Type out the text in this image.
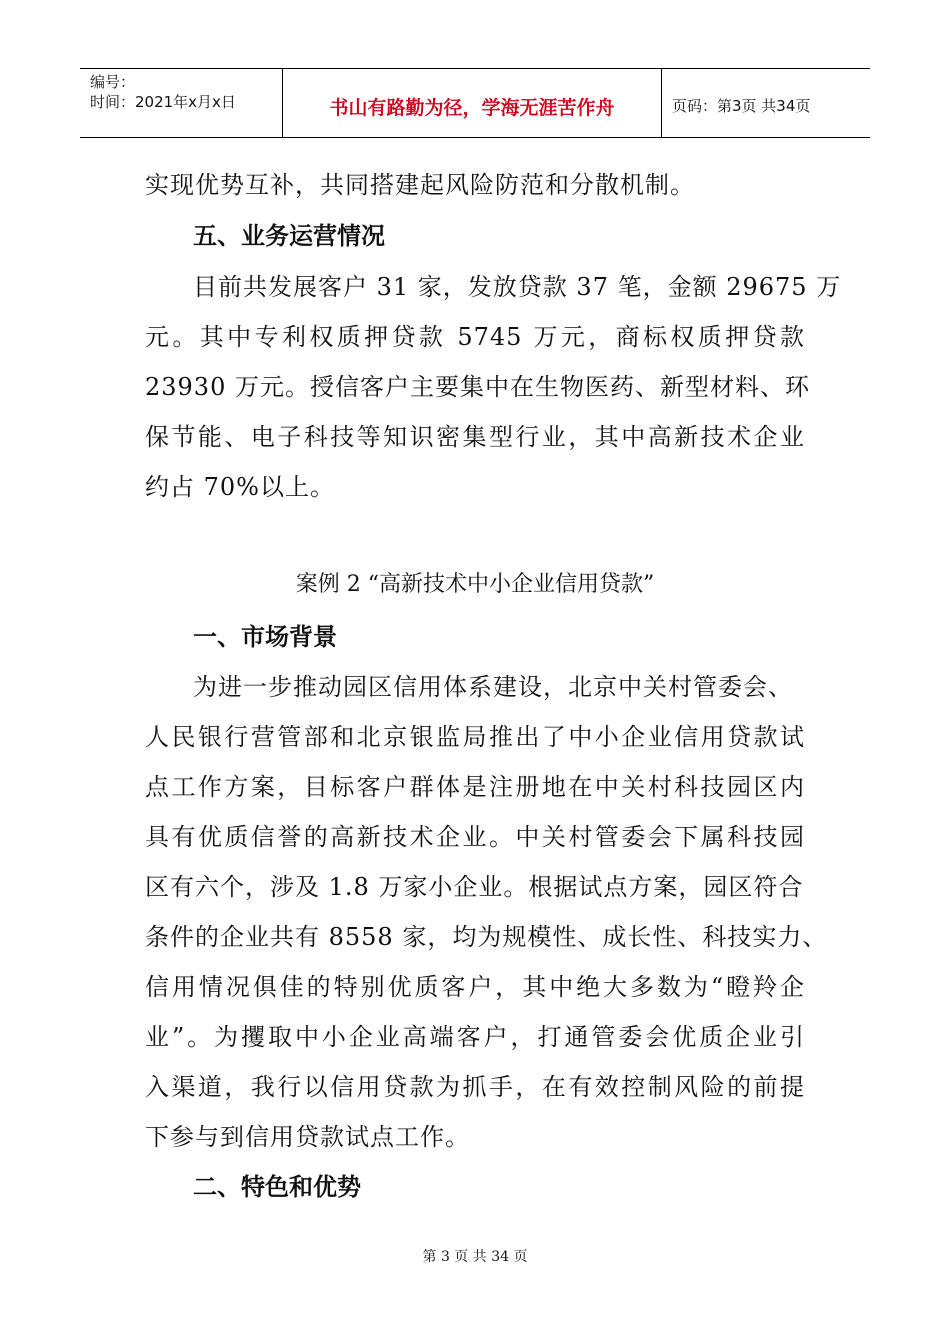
编号：
时间：2021年x月x日	书山有路勤为径，学海无涯苦作舟	页码：第3页 共34页
实现优势互补，共同搭建起风险防范和分散机制。
五、业务运营情况
目前共发展客户 31 家，发放贷款 37 笔，金额 29675 万
元。其中专利权质押贷款 5745 万元，商标权质押贷款
23930 万元。授信客户主要集中在生物医药、新型材料、环
保节能、电子科技等知识密集型行业，其中高新技术企业
约占 70%以上。
案例 2 “高新技术中小企业信用贷款”
一、市场背景
为进一步推动园区信用体系建设，北京中关村管委会、
人民银行营管部和北京银监局推出了中小企业信用贷款试
点工作方案，目标客户群体是注册地在中关村科技园区内
具有优质信誉的高新技术企业。中关村管委会下属科技园
区有六个，涉及 1.8 万家小企业。根据试点方案，园区符合
条件的企业共有 8558 家，均为规模性、成长性、科技实力、
信用情况俱佳的特别优质客户，其中绝大多数为“瞪羚企
业”。为攫取中小企业高端客户，打通管委会优质企业引
入渠道，我行以信用贷款为抓手，在有效控制风险的前提
下参与到信用贷款试点工作。
二、特色和优势
第 3 页 共 34 页
